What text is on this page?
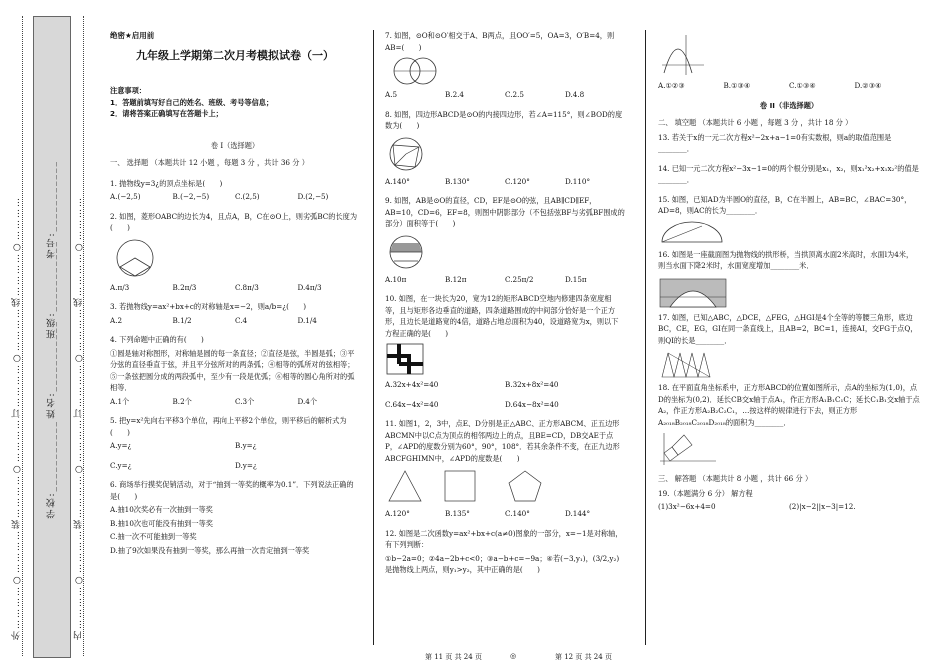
外…………○…………装…………○…………订…………○…………线…………○…………	学校:___________
姓名:___________
班级:___________
考号:___________ 内…………○…………装…………○…………订…………○…………线…………○…………
绝密★启用前
九年级上学期第二次月考模拟试卷（一）
注意事项：
1．答题前填写好自己的姓名、班级、考号等信息；
2．请将答案正确填写在答题卡上；
卷 I（选择题）
一、 选择题 （本题共计 12 小题 ，每题 3 分 ，共计 36 分 ）
1. 抛物线y=3¿的顶点坐标是(　　)
A.(−2,5)	B.(−2,−5)	C.(2,5)	D.(2,−5)
2. 如图，菱形OABC的边长为4，且点A，B，C在⊙O上，则劣弧BC的长度为(　　)
A.π/3	B.2π/3	C.8π/3	D.4π/3
3. 若抛物线y=ax²+bx+c的对称轴是x=−2，则a/b=¿(　　)
A.2	B.1/2	C.4	D.1/4
4. 下列命题中正确的有(　　)
①圆是轴对称图形，对称轴是圆的每一条直径；②直径是弦，半圆是弧；③平分弦的直径垂直于弦，并且平分弦所对的两条弧；④相等的弧所对的弦相等；⑤一条弦把圆分成的两段弧中，至少有一段是优弧；⑥相等的圆心角所对的弧相等．
A.1个	B.2个	C.3个	D.4个
5. 把y=x²先向右平移3个单位，再向上平移2个单位，则平移后的解析式为(　　)
A.y=¿	B.y=¿
C.y=¿	D.y=¿
6. 商场举行摸奖促销活动，对于“抽到一等奖的概率为0.1”．下列说法正确的是(　　)
A.抽10次奖必有一次抽到一等奖
B.抽10次也可能没有抽到一等奖
C.抽一次不可能抽到一等奖
D.抽了9次如果没有抽到一等奖，那么再抽一次肯定抽到一等奖
7. 如图，⊙O和⊙O′相交于A、B两点，且OO′=5，OA=3，O′B=4，则AB=(　　)
A.5	B.2.4	C.2.5	D.4.8
8. 如图，四边形ABCD是⊙O的内接四边形，若∠A=115°，则∠BOD的度数为(　　)
A.140°	B.130°	C.120°	D.110°
9. 如图，AB是⊙O的直径，CD，EF是⊙O的弦，且AB∥CD∥EF，AB=10，CD=6，EF=8，则图中阴影部分（不包括弦BF与劣弧BF围成的部分）面积等于(　　)
A.10π	B.12π	C.25π/2	D.15π
10. 如图，在一块长为20，宽为12的矩形ABCD空地内修建四条宽度相等，且与矩形各边垂直的道路，四条道路围成的中间部分恰好是一个正方形，且边长是道路宽的4倍，道路占地总面积为40，设道路宽为x，则以下方程正确的是(　　)
A.32x+4x²=40	B.32x+8x²=40
C.64x−4x²=40	D.64x−8x²=40
11. 如图1，2，3中，点E、D分别是正△ABC、正方形ABCM、正五边形ABCMN中以C点为顶点的相邻两边上的点，且BE=CD，DB交AE于点P，∠APD的度数分别为60°，90°，108°．若其余条件不变，在正九边形ABCFGHIMN中，∠APD的度数是(　　)
A.120°	B.135°	C.140°	D.144°
12. 如图是二次函数y=ax²+bx+c(a≠0)图象的一部分，x=−1是对称轴，有下列判断：
①b−2a=0；②4a−2b+c<0；③a−b+c=−9a；④若(−3,y₁)，(3/2,y₂)是抛物线上两点，则y₁>y₂，其中正确的是(　　)
A.①②③	B.①③④	C.①③④	D.②③④
卷 II（非选择题）
二、 填空题 （本题共计 6 小题 ，每题 3 分 ，共计 18 分 ）
13. 若关于x的一元二次方程x²−2x+a−1=0有实数根，则a的取值范围是________．
14. 已知一元二次方程x²−3x−1=0的两个根分别是x₁，x₂，则x₁²x₂+x₁x₂²的值是________．
15. 如图，已知AD为半圆O的直径，B，C在半圆上，AB=BC，∠BAC=30°，AD=8，则AC的长为________．
16. 如图是一座截面图为抛物线的拱形桥，当拱顶离水面2米高时，水面l为4米，则当水面下降2米时，水面宽度增加________米．
17. 如图，已知△ABC，△DCE，△FEG，△HGI是4个全等的等腰三角形，底边BC，CE，EG，GI在同一条直线上，且AB=2，BC=1，连接AI，交FG于点Q，则QI的长是________．
18. 在平面直角坐标系中，正方形ABCD的位置如图所示，点A的坐标为(1,0)，点D的坐标为(0,2)．延长CB交x轴于点A₁，作正方形A₁B₁C₁C；延长C₁B₁交x轴于点A₂，作正方形A₂B₂C₂C₁，…按这样的规律进行下去，则正方形A₂₀₁₈B₂₀₁₈C₂₀₁₈D₂₀₁₈的面积为________．
三、 解答题 （本题共计 8 小题 ，共计 66 分 ）
19.（本题满分 6 分） 解方程
(1)3x²−6x+4=0	(2)|x−2||x−3|=12.
第 11 页 共 24 页	◎	第 12 页 共 24 页
